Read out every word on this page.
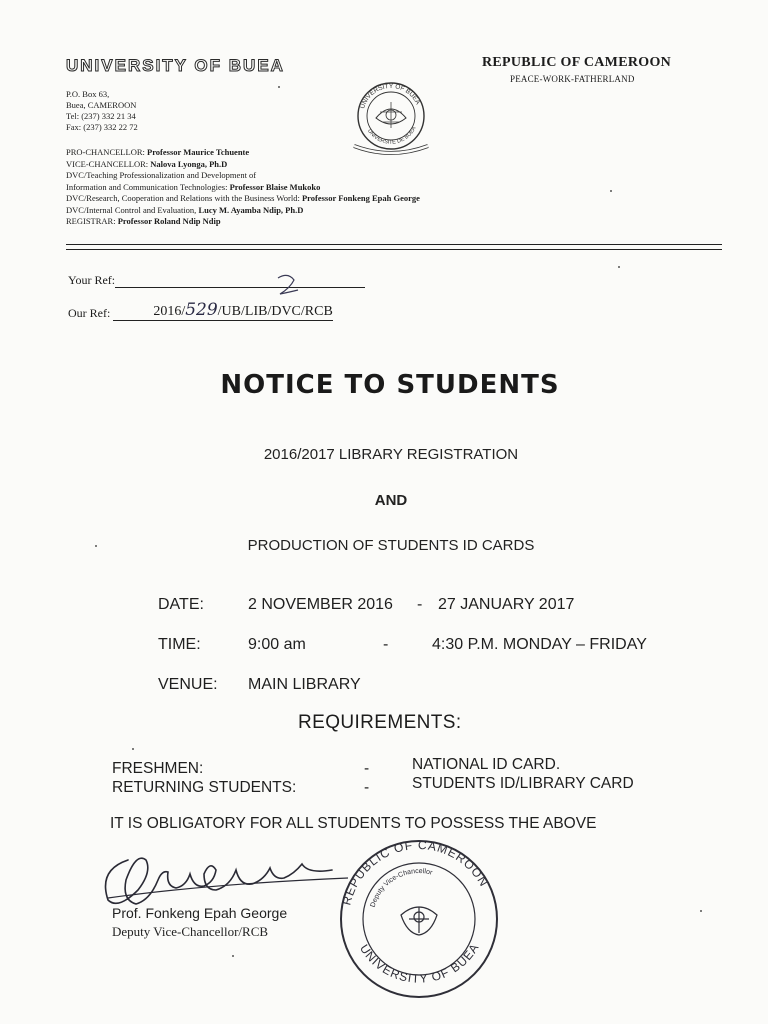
UNIVERSITY OF BUEA	REPUBLIC OF CAMEROON
PEACE-WORK-FATHERLAND
P.O. Box 63,
Buea, CAMEROON
Tel: (237) 332 21 34
Fax: (237) 332 22 72
UNIVERSITY OF BUEA
UNIVERSITE DE BUEA
PRO-CHANCELLOR: Professor Maurice Tchuente
VICE-CHANCELLOR: Nalova Lyonga, Ph.D
DVC/Teaching Professionalization and Development of
Information and Communication Technologies: Professor Blaise Mukoko
DVC/Research, Cooperation and Relations with the Business World: Professor Fonkeng Epah George
DVC/Internal Control and Evaluation, Lucy M. Ayamba Ndip, Ph.D
REGISTRAR: Professor Roland Ndip Ndip
Your Ref:
Our Ref:	2016/529/UB/LIB/DVC/RCB
NOTICE TO STUDENTS
2016/2017 LIBRARY REGISTRATION
AND
PRODUCTION OF STUDENTS ID CARDS
DATE:	2 NOVEMBER 2016 - 27 JANUARY 2017
TIME:	9:00 am	-	4:30 P.M. MONDAY – FRIDAY
VENUE: MAIN LIBRARY
REQUIREMENTS:
FRESHMEN:	-	NATIONAL ID CARD.
RETURNING STUDENTS:	-	STUDENTS ID/LIBRARY CARD
IT IS OBLIGATORY FOR ALL STUDENTS TO POSSESS THE ABOVE
Prof. Fonkeng Epah George
Deputy Vice-Chancellor/RCB
REPUBLIC OF CAMEROON
UNIVERSITY OF BUEA
Deputy Vice-Chancellor
